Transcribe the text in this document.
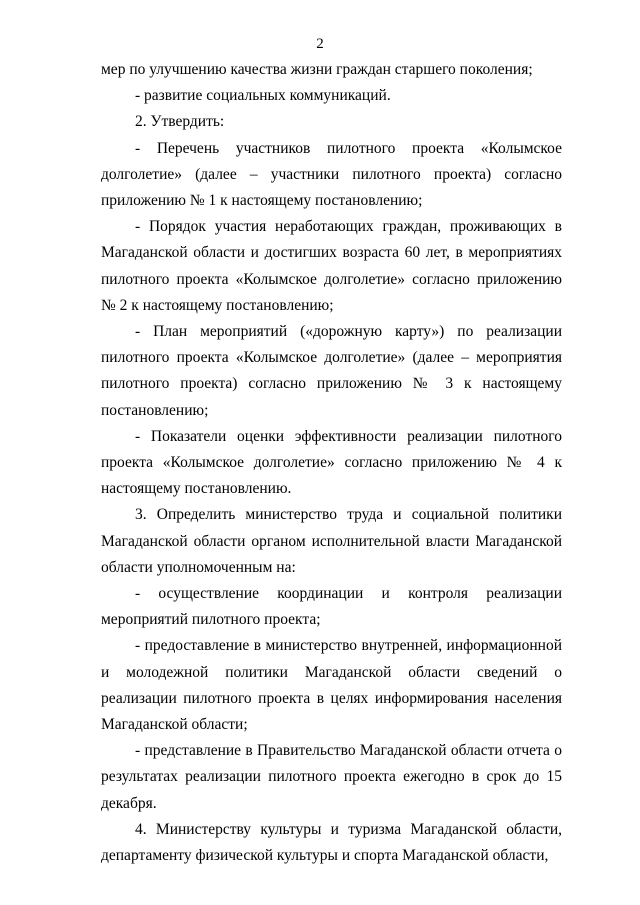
2

мер по улучшению качества жизни граждан старшего поколения;

- развитие социальных коммуникаций.

2. Утвердить:

- Перечень участников пилотного проекта «Колымское долголетие» (далее – участники пилотного проекта) согласно приложению № 1 к настоящему постановлению;

- Порядок участия неработающих граждан, проживающих в Магаданской области и достигших возраста 60 лет, в мероприятиях пилотного проекта «Колымское долголетие» согласно приложению № 2 к настоящему постановлению;

- План мероприятий («дорожную карту») по реализации пилотного проекта «Колымское долголетие» (далее – мероприятия пилотного проекта) согласно приложению № 3 к настоящему постановлению;

- Показатели оценки эффективности реализации пилотного проекта «Колымское долголетие» согласно приложению № 4 к настоящему постановлению.

3. Определить министерство труда и социальной политики Магаданской области органом исполнительной власти Магаданской области уполномоченным на:

- осуществление координации и контроля реализации мероприятий пилотного проекта;

- предоставление в министерство внутренней, информационной и молодежной политики Магаданской области сведений о реализации пилотного проекта в целях информирования населения Магаданской области;

- представление в Правительство Магаданской области отчета о результатах реализации пилотного проекта ежегодно в срок до 15 декабря.

4. Министерству культуры и туризма Магаданской области, департаменту физической культуры и спорта Магаданской области,
